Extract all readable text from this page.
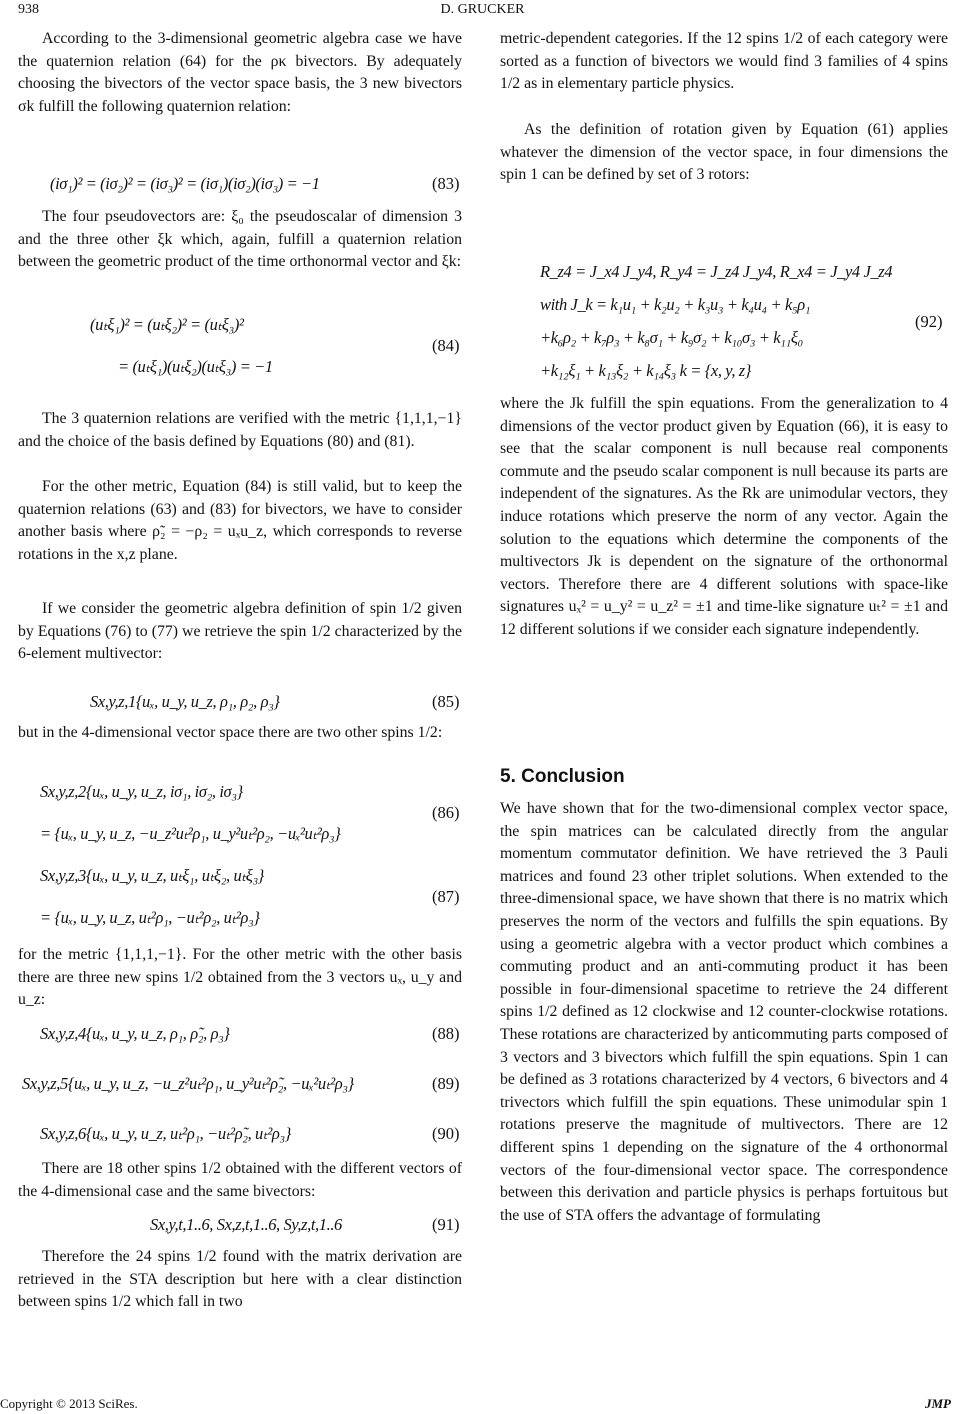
938	D. GRUCKER
According to the 3-dimensional geometric algebra case we have the quaternion relation (64) for the ρκ bivectors. By adequately choosing the bivectors of the vector space basis, the 3 new bivectors σk fulfill the following quaternion relation:
(iσ₁)² = (iσ₂)² = (iσ₃)² = (iσ₁)(iσ₂)(iσ₃) = −1	(83)
The four pseudovectors are: ξ₀ the pseudoscalar of dimension 3 and the three other ξk which, again, fulfill a quaternion relation between the geometric product of the time orthonormal vector and ξk:
(uₜξ₁)² = (uₜξ₂)² = (uₜξ₃)²
= (uₜξ₁)(uₜξ₂)(uₜξ₃) = −1
(84)
The 3 quaternion relations are verified with the metric {1,1,1,−1} and the choice of the basis defined by Equations (80) and (81).
For the other metric, Equation (84) is still valid, but to keep the quaternion relations (63) and (83) for bivectors, we have to consider another basis where ρ̃₂ = −ρ₂ = uₓu_z, which corresponds to reverse rotations in the x,z plane.
If we consider the geometric algebra definition of spin 1/2 given by Equations (76) to (77) we retrieve the spin 1/2 characterized by the 6-element multivector:
Sx,y,z,1{uₓ, u_y, u_z, ρ₁, ρ₂, ρ₃}	(85)
but in the 4-dimensional vector space there are two other spins 1/2:
Sx,y,z,2{uₓ, u_y, u_z, iσ₁, iσ₂, iσ₃}
= {uₓ, u_y, u_z, −u_z²uₜ²ρ₁, u_y²uₜ²ρ₂, −uₓ²uₜ²ρ₃}
(86)
Sx,y,z,3{uₓ, u_y, u_z, uₜξ₁, uₜξ₂, uₜξ₃}
= {uₓ, u_y, u_z, uₜ²ρ₁, −uₜ²ρ₂, uₜ²ρ₃}
(87)
for the metric {1,1,1,−1}. For the other metric with the other basis there are three new spins 1/2 obtained from the 3 vectors uₓ, u_y and u_z:
Sx,y,z,4{uₓ, u_y, u_z, ρ₁, ρ̃₂, ρ₃}	(88)
Sx,y,z,5{uₓ, u_y, u_z, −u_z²uₜ²ρ₁, u_y²uₜ²ρ̃₂, −uₓ²uₜ²ρ₃}	(89)
Sx,y,z,6{uₓ, u_y, u_z, uₜ²ρ₁, −uₜ²ρ̃₂, uₜ²ρ₃}	(90)
There are 18 other spins 1/2 obtained with the different vectors of the 4-dimensional case and the same bivectors:
Sx,y,t,1..6, Sx,z,t,1..6, Sy,z,t,1..6	(91)
Therefore the 24 spins 1/2 found with the matrix derivation are retrieved in the STA description but here with a clear distinction between spins 1/2 which fall in two
metric-dependent categories. If the 12 spins 1/2 of each category were sorted as a function of bivectors we would find 3 families of 4 spins 1/2 as in elementary particle physics.
As the definition of rotation given by Equation (61) applies whatever the dimension of the vector space, in four dimensions the spin 1 can be defined by set of 3 rotors:
R_z4 = J_x4 J_y4, R_y4 = J_z4 J_y4, R_x4 = J_y4 J_z4
with J_k = k₁u₁ + k₂u₂ + k₃u₃ + k₄u₄ + k₅ρ₁
+k₆ρ₂ + k₇ρ₃ + k₈σ₁ + k₉σ₂ + k₁₀σ₃ + k₁₁ξ₀
+k₁₂ξ₁ + k₁₃ξ₂ + k₁₄ξ₃ k = {x, y, z}
(92)
where the Jk fulfill the spin equations. From the generalization to 4 dimensions of the vector product given by Equation (66), it is easy to see that the scalar component is null because real components commute and the pseudo scalar component is null because its parts are independent of the signatures. As the Rk are unimodular vectors, they induce rotations which preserve the norm of any vector. Again the solution to the equations which determine the components of the multivectors Jk is dependent on the signature of the orthonormal vectors. Therefore there are 4 different solutions with space-like signatures uₓ² = u_y² = u_z² = ±1 and time-like signature uₜ² = ±1 and 12 different solutions if we consider each signature independently.
5. Conclusion
We have shown that for the two-dimensional complex vector space, the spin matrices can be calculated directly from the angular momentum commutator definition. We have retrieved the 3 Pauli matrices and found 23 other triplet solutions. When extended to the three-dimensional space, we have shown that there is no matrix which preserves the norm of the vectors and fulfills the spin equations. By using a geometric algebra with a vector product which combines a commuting product and an anti-commuting product it has been possible in four-dimensional spacetime to retrieve the 24 different spins 1/2 defined as 12 clockwise and 12 counter-clockwise rotations. These rotations are characterized by anticommuting parts composed of 3 vectors and 3 bivectors which fulfill the spin equations. Spin 1 can be defined as 3 rotations characterized by 4 vectors, 6 bivectors and 4 trivectors which fulfill the spin equations. These unimodular spin 1 rotations preserve the magnitude of multivectors. There are 12 different spins 1 depending on the signature of the 4 orthonormal vectors of the four-dimensional vector space. The correspondence between this derivation and particle physics is perhaps fortuitous but the use of STA offers the advantage of formulating
Copyright © 2013 SciRes.	JMP
